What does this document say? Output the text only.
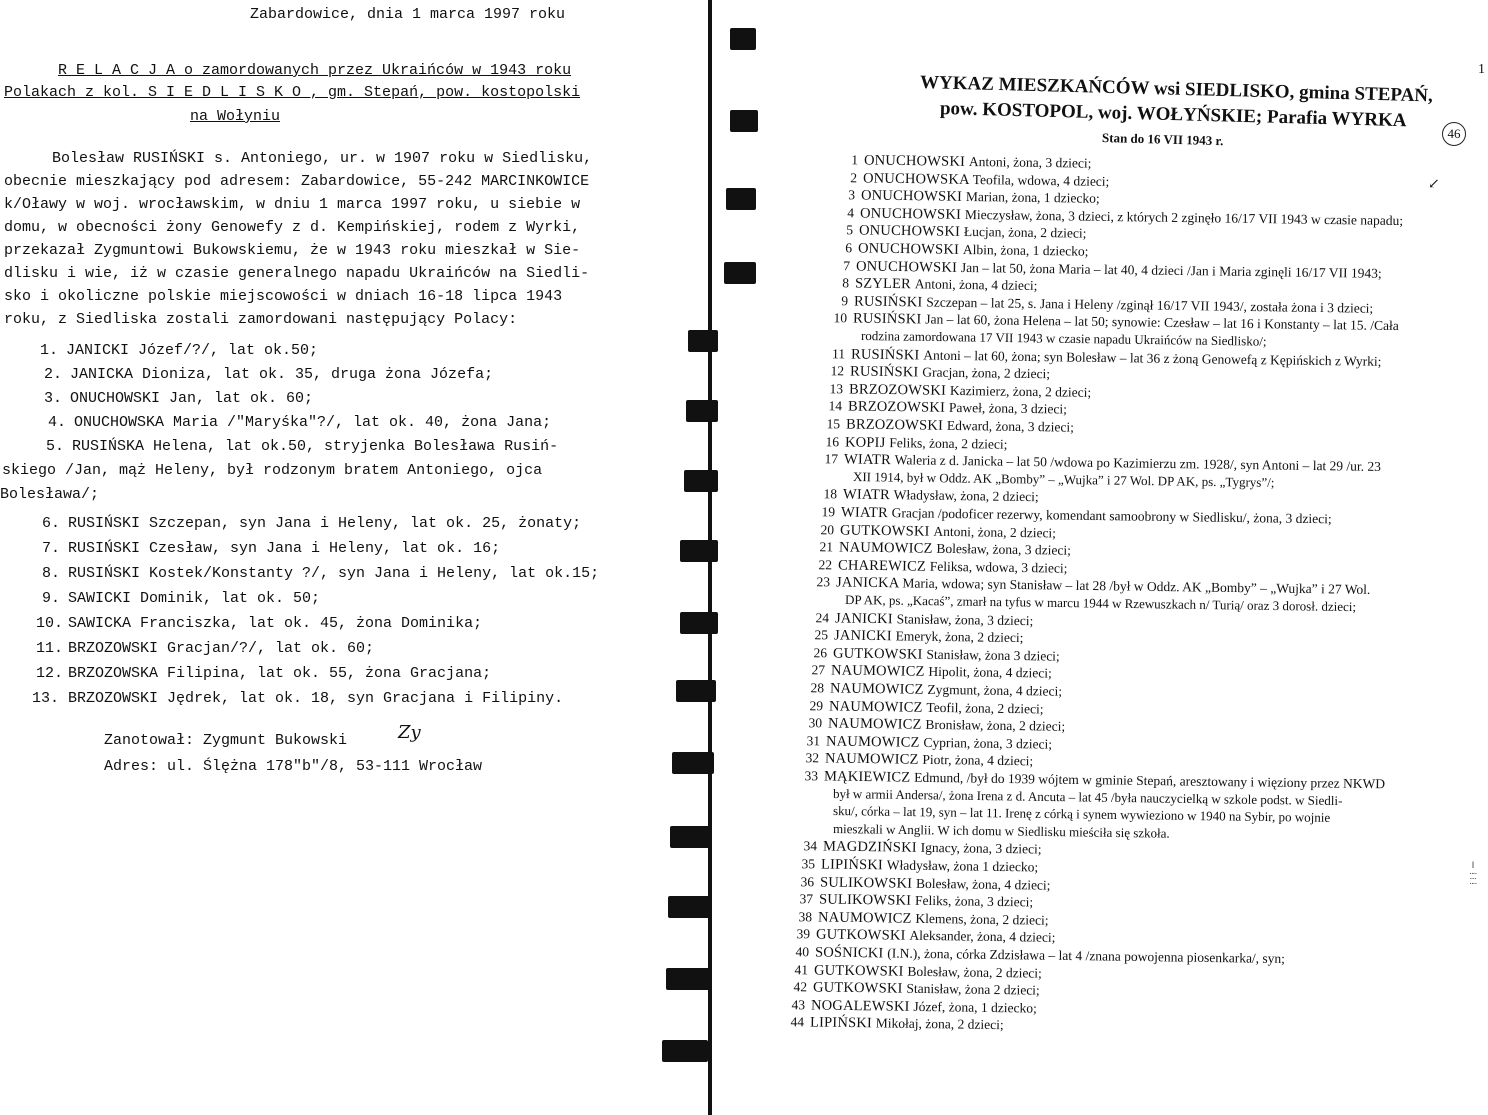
Zabardowice, dnia 1 marca 1997 roku
R E L A C J A o zamordowanych przez Ukraińców w 1943 roku
Polakach z kol. S I E D L I S K O , gm. Stepań, pow. kostopolski
na Wołyniu
Bolesław RUSIŃSKI s. Antoniego, ur. w 1907 roku w Siedlisku,
obecnie mieszkający pod adresem: Zabardowice, 55-242 MARCINKOWICE
k/Oławy w woj. wrocławskim, w dniu 1 marca 1997 roku, u siebie w
domu, w obecności żony Genowefy z d. Kempińskiej, rodem z Wyrki,
przekazał Zygmuntowi Bukowskiemu, że w 1943 roku mieszkał w Sie-
dlisku i wie, iż w czasie generalnego napadu Ukraińców na Siedli-
sko i okoliczne polskie miejscowości w dniach 16-18 lipca 1943
roku, z Siedliska zostali zamordowani następujący Polacy:
1. JANICKI Józef/?/, lat ok.50;
2. JANICKA Dioniza, lat ok. 35, druga żona Józefa;
3. ONUCHOWSKI Jan, lat ok. 60;
4. ONUCHOWSKA Maria /"Maryśka"?/, lat ok. 40, żona Jana;
5. RUSIŃSKA Helena, lat ok.50, stryjenka Bolesława Rusiń-
skiego /Jan, mąż Heleny, był rodzonym bratem Antoniego, ojca
Bolesława/;
6. RUSIŃSKI Szczepan, syn Jana i Heleny, lat ok. 25, żonaty;
7. RUSIŃSKI Czesław, syn Jana i Heleny, lat ok. 16;
8. RUSIŃSKI Kostek/Konstanty ?/, syn Jana i Heleny, lat ok.15;
9. SAWICKI Dominik, lat ok. 50;
10. SAWICKA Franciszka, lat ok. 45, żona Dominika;
11. BRZOZOWSKI Gracjan/?/, lat ok. 60;
12. BRZOZOWSKA Filipina, lat ok. 55, żona Gracjana;
13. BRZOZOWSKI Jędrek, lat ok. 18, syn Gracjana i Filipiny.
Zanotował: Zygmunt Bukowski	Zy
Adres: ul. Ślężna 178"b"/8, 53-111 Wrocław
1
WYKAZ MIESZKAŃCÓW wsi SIEDLISKO, gmina STEPAŃ,
pow. KOSTOPOL, woj. WOŁYŃSKIE; Parafia WYRKA
Stan do 16 VII 1943 r.	46
↙
1 ONUCHOWSKI Antoni, żona, 3 dzieci;
2 ONUCHOWSKA Teofila, wdowa, 4 dzieci;
3 ONUCHOWSKI Marian, żona, 1 dziecko;
4 ONUCHOWSKI Mieczysław, żona, 3 dzieci, z których 2 zginęło 16/17 VII 1943 w czasie napadu;
5 ONUCHOWSKI Łucjan, żona, 2 dzieci;
6 ONUCHOWSKI Albin, żona, 1 dziecko;
7 ONUCHOWSKI Jan – lat 50, żona Maria – lat 40, 4 dzieci /Jan i Maria zginęli 16/17 VII 1943;
8 SZYLER Antoni, żona, 4 dzieci;
9 RUSIŃSKI Szczepan – lat 25, s. Jana i Heleny /zginął 16/17 VII 1943/, została żona i 3 dzieci;
10 RUSIŃSKI Jan – lat 60, żona Helena – lat 50; synowie: Czesław – lat 16 i Konstanty – lat 15. /Cała
rodzina zamordowana 17 VII 1943 w czasie napadu Ukraińców na Siedlisko/;
11 RUSIŃSKI Antoni – lat 60, żona; syn Bolesław – lat 36 z żoną Genowefą z Kępińskich z Wyrki;
12 RUSIŃSKI Gracjan, żona, 2 dzieci;
13 BRZOZOWSKI Kazimierz, żona, 2 dzieci;
14 BRZOZOWSKI Paweł, żona, 3 dzieci;
15 BRZOZOWSKI Edward, żona, 3 dzieci;
16 KOPIJ Feliks, żona, 2 dzieci;
17 WIATR Waleria z d. Janicka – lat 50 /wdowa po Kazimierzu zm. 1928/, syn Antoni – lat 29 /ur. 23
XII 1914, był w Oddz. AK „Bomby” – „Wujka” i 27 Wol. DP AK, ps. „Tygrys”/;
18 WIATR Władysław, żona, 2 dzieci;
19 WIATR Gracjan /podoficer rezerwy, komendant samoobrony w Siedlisku/, żona, 3 dzieci;
20 GUTKOWSKI Antoni, żona, 2 dzieci;
21 NAUMOWICZ Bolesław, żona, 3 dzieci;
22 CHAREWICZ Feliksa, wdowa, 3 dzieci;
23 JANICKA Maria, wdowa; syn Stanisław – lat 28 /był w Oddz. AK „Bomby” – „Wujka” i 27 Wol.
DP AK, ps. „Kacaś”, zmarł na tyfus w marcu 1944 w Rzewuszkach n/ Turią/ oraz 3 dorosł. dzieci;
24 JANICKI Stanisław, żona, 3 dzieci;
25 JANICKI Emeryk, żona, 2 dzieci;
26 GUTKOWSKI Stanisław, żona 3 dzieci;
27 NAUMOWICZ Hipolit, żona, 4 dzieci;
28 NAUMOWICZ Zygmunt, żona, 4 dzieci;
29 NAUMOWICZ Teofil, żona, 2 dzieci;
30 NAUMOWICZ Bronisław, żona, 2 dzieci;
31 NAUMOWICZ Cyprian, żona, 3 dzieci;
32 NAUMOWICZ Piotr, żona, 4 dzieci;
33 MĄKIEWICZ Edmund, /był do 1939 wójtem w gminie Stepań, aresztowany i więziony przez NKWD
był w armii Andersa/, żona Irena z d. Ancuta – lat 45 /była nauczycielką w szkole podst. w Siedli-
sku/, córka – lat 19, syn – lat 11. Irenę z córką i synem wywieziono w 1940 na Sybir, po wojnie
mieszkali w Anglii. W ich domu w Siedlisku mieściła się szkoła.
34 MAGDZIŃSKI Ignacy, żona, 3 dzieci;
35 LIPIŃSKI Władysław, żona 1 dziecko;
36 SULIKOWSKI Bolesław, żona, 4 dzieci;
37 SULIKOWSKI Feliks, żona, 3 dzieci;
38 NAUMOWICZ Klemens, żona, 2 dzieci;
39 GUTKOWSKI Aleksander, żona, 4 dzieci;
40 SOŚNICKI (I.N.), żona, córka Zdzisława – lat 4 /znana powojenna piosenkarka/, syn;
41 GUTKOWSKI Bolesław, żona, 2 dzieci;
42 GUTKOWSKI Stanisław, żona 2 dzieci;
43 NOGALEWSKI Józef, żona, 1 dziecko;
44 LIPIŃSKI Mikołaj, żona, 2 dzieci;
‖ ⁞ ⁝ ⁞
